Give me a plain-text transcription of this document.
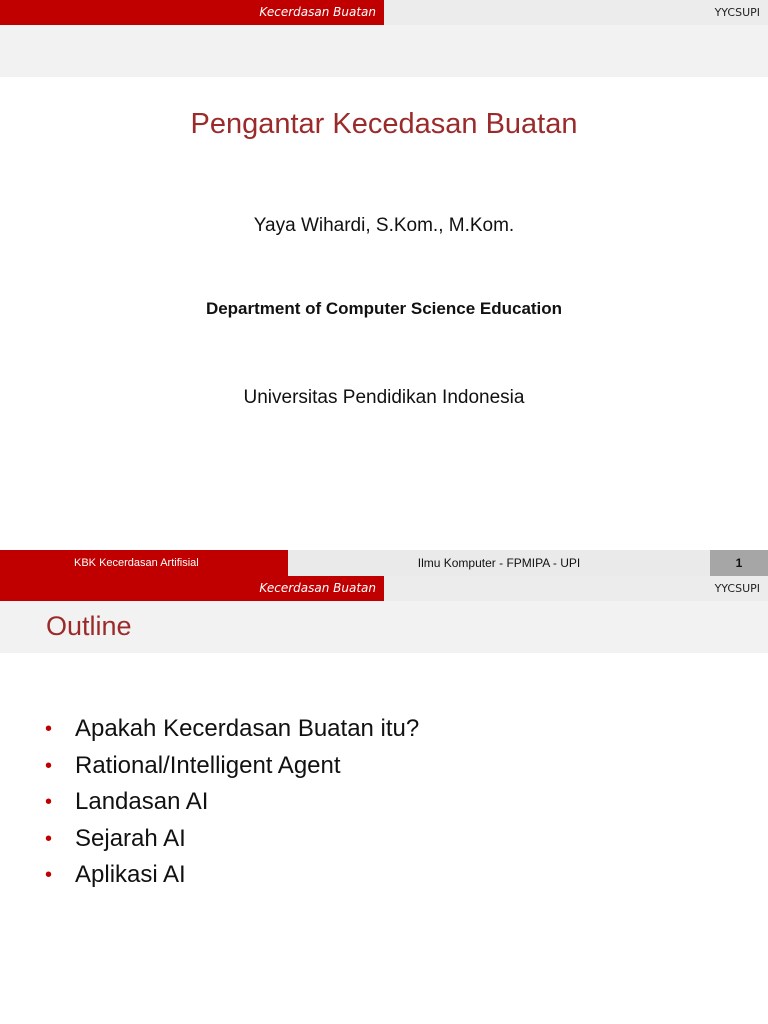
Kecerdasan Buatan	YYCSUPI
Pengantar Kecedasan Buatan
Yaya Wihardi, S.Kom., M.Kom.
Department of Computer Science Education
Universitas Pendidikan Indonesia
KBK Kecerdasan Artifisial	Ilmu Komputer - FPMIPA - UPI	1
Kecerdasan Buatan	YYCSUPI
Outline
• Apakah Kecerdasan Buatan itu?
• Rational/Intelligent Agent
• Landasan AI
• Sejarah AI
• Aplikasi AI
